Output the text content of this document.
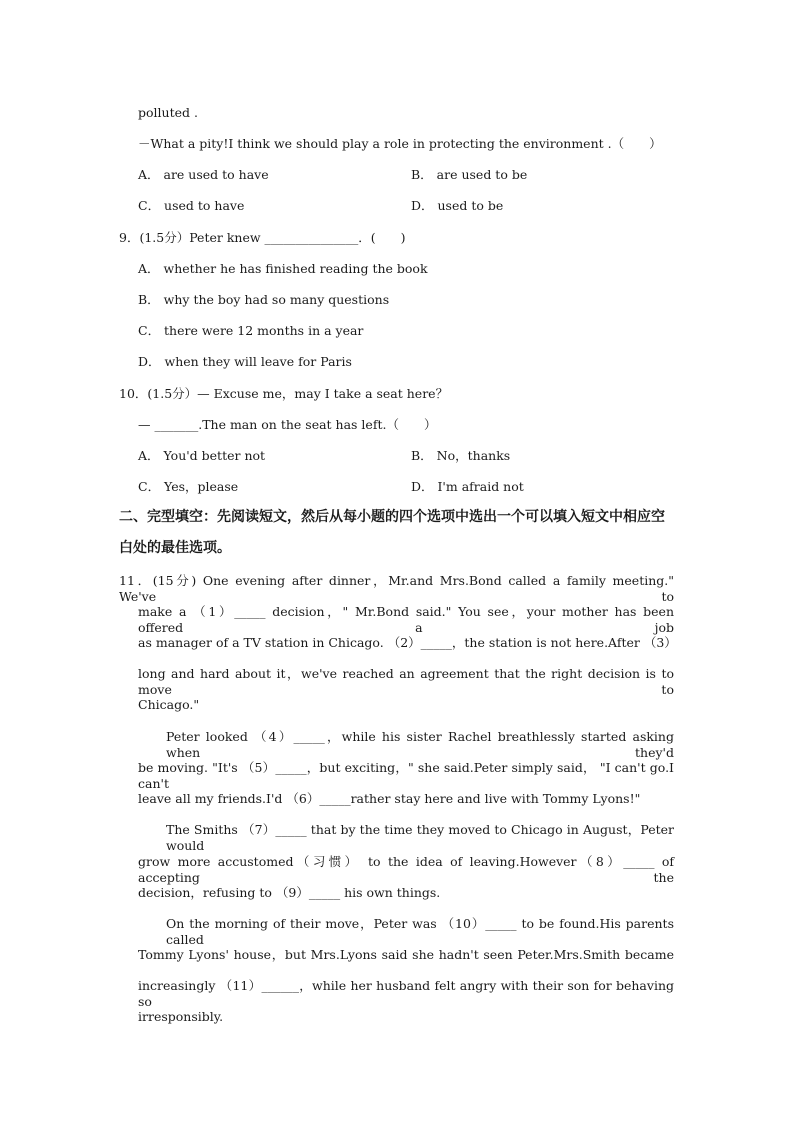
polluted .
－What a pity!I think we should play a role in protecting the environment .（　　）
A． are used to have	B． are used to be
C． used to have	D． used to be
9．(1.5分）Peter knew _______________．(　　)
A． whether he has finished reading the book
B． why the boy had so many questions
C． there were 12 months in a year
D． when they will leave for Paris
10．(1.5分）— Excuse me，may I take a seat here？
— _______.The man on the seat has left.（　　）
A． You'd better not	B． No，thanks
C． Yes，please	D． I'm afraid not
二、完型填空：先阅读短文，然后从每小题的四个选项中选出一个可以填入短文中相应空
白处的最佳选项。
11．(15分) One evening after dinner，Mr.and Mrs.Bond called a family meeting." We've to
make a （1）_____ decision，" Mr.Bond said." You see，your mother has been offered a job
as manager of a TV station in Chicago. （2）_____，the station is not here.After （3）
long and hard about it，we've reached an agreement that the right decision is to move to
Chicago."
Peter looked （4）_____，while his sister Rachel breathlessly started asking when they'd
be moving. "It's （5）_____，but exciting，" she said.Peter simply said， "I can't go.I can't
leave all my friends.I'd （6）_____rather stay here and live with Tommy Lyons!"
The Smiths （7）_____ that by the time they moved to Chicago in August，Peter would
grow more accustomed（习惯） to the idea of leaving.However（8）_____ of accepting the
decision，refusing to （9）_____ his own things.
On the morning of their move，Peter was （10）_____ to be found.His parents called
Tommy Lyons' house，but Mrs.Lyons said she hadn't seen Peter.Mrs.Smith became
increasingly （11）______，while her husband felt angry with their son for behaving so
irresponsibly.
